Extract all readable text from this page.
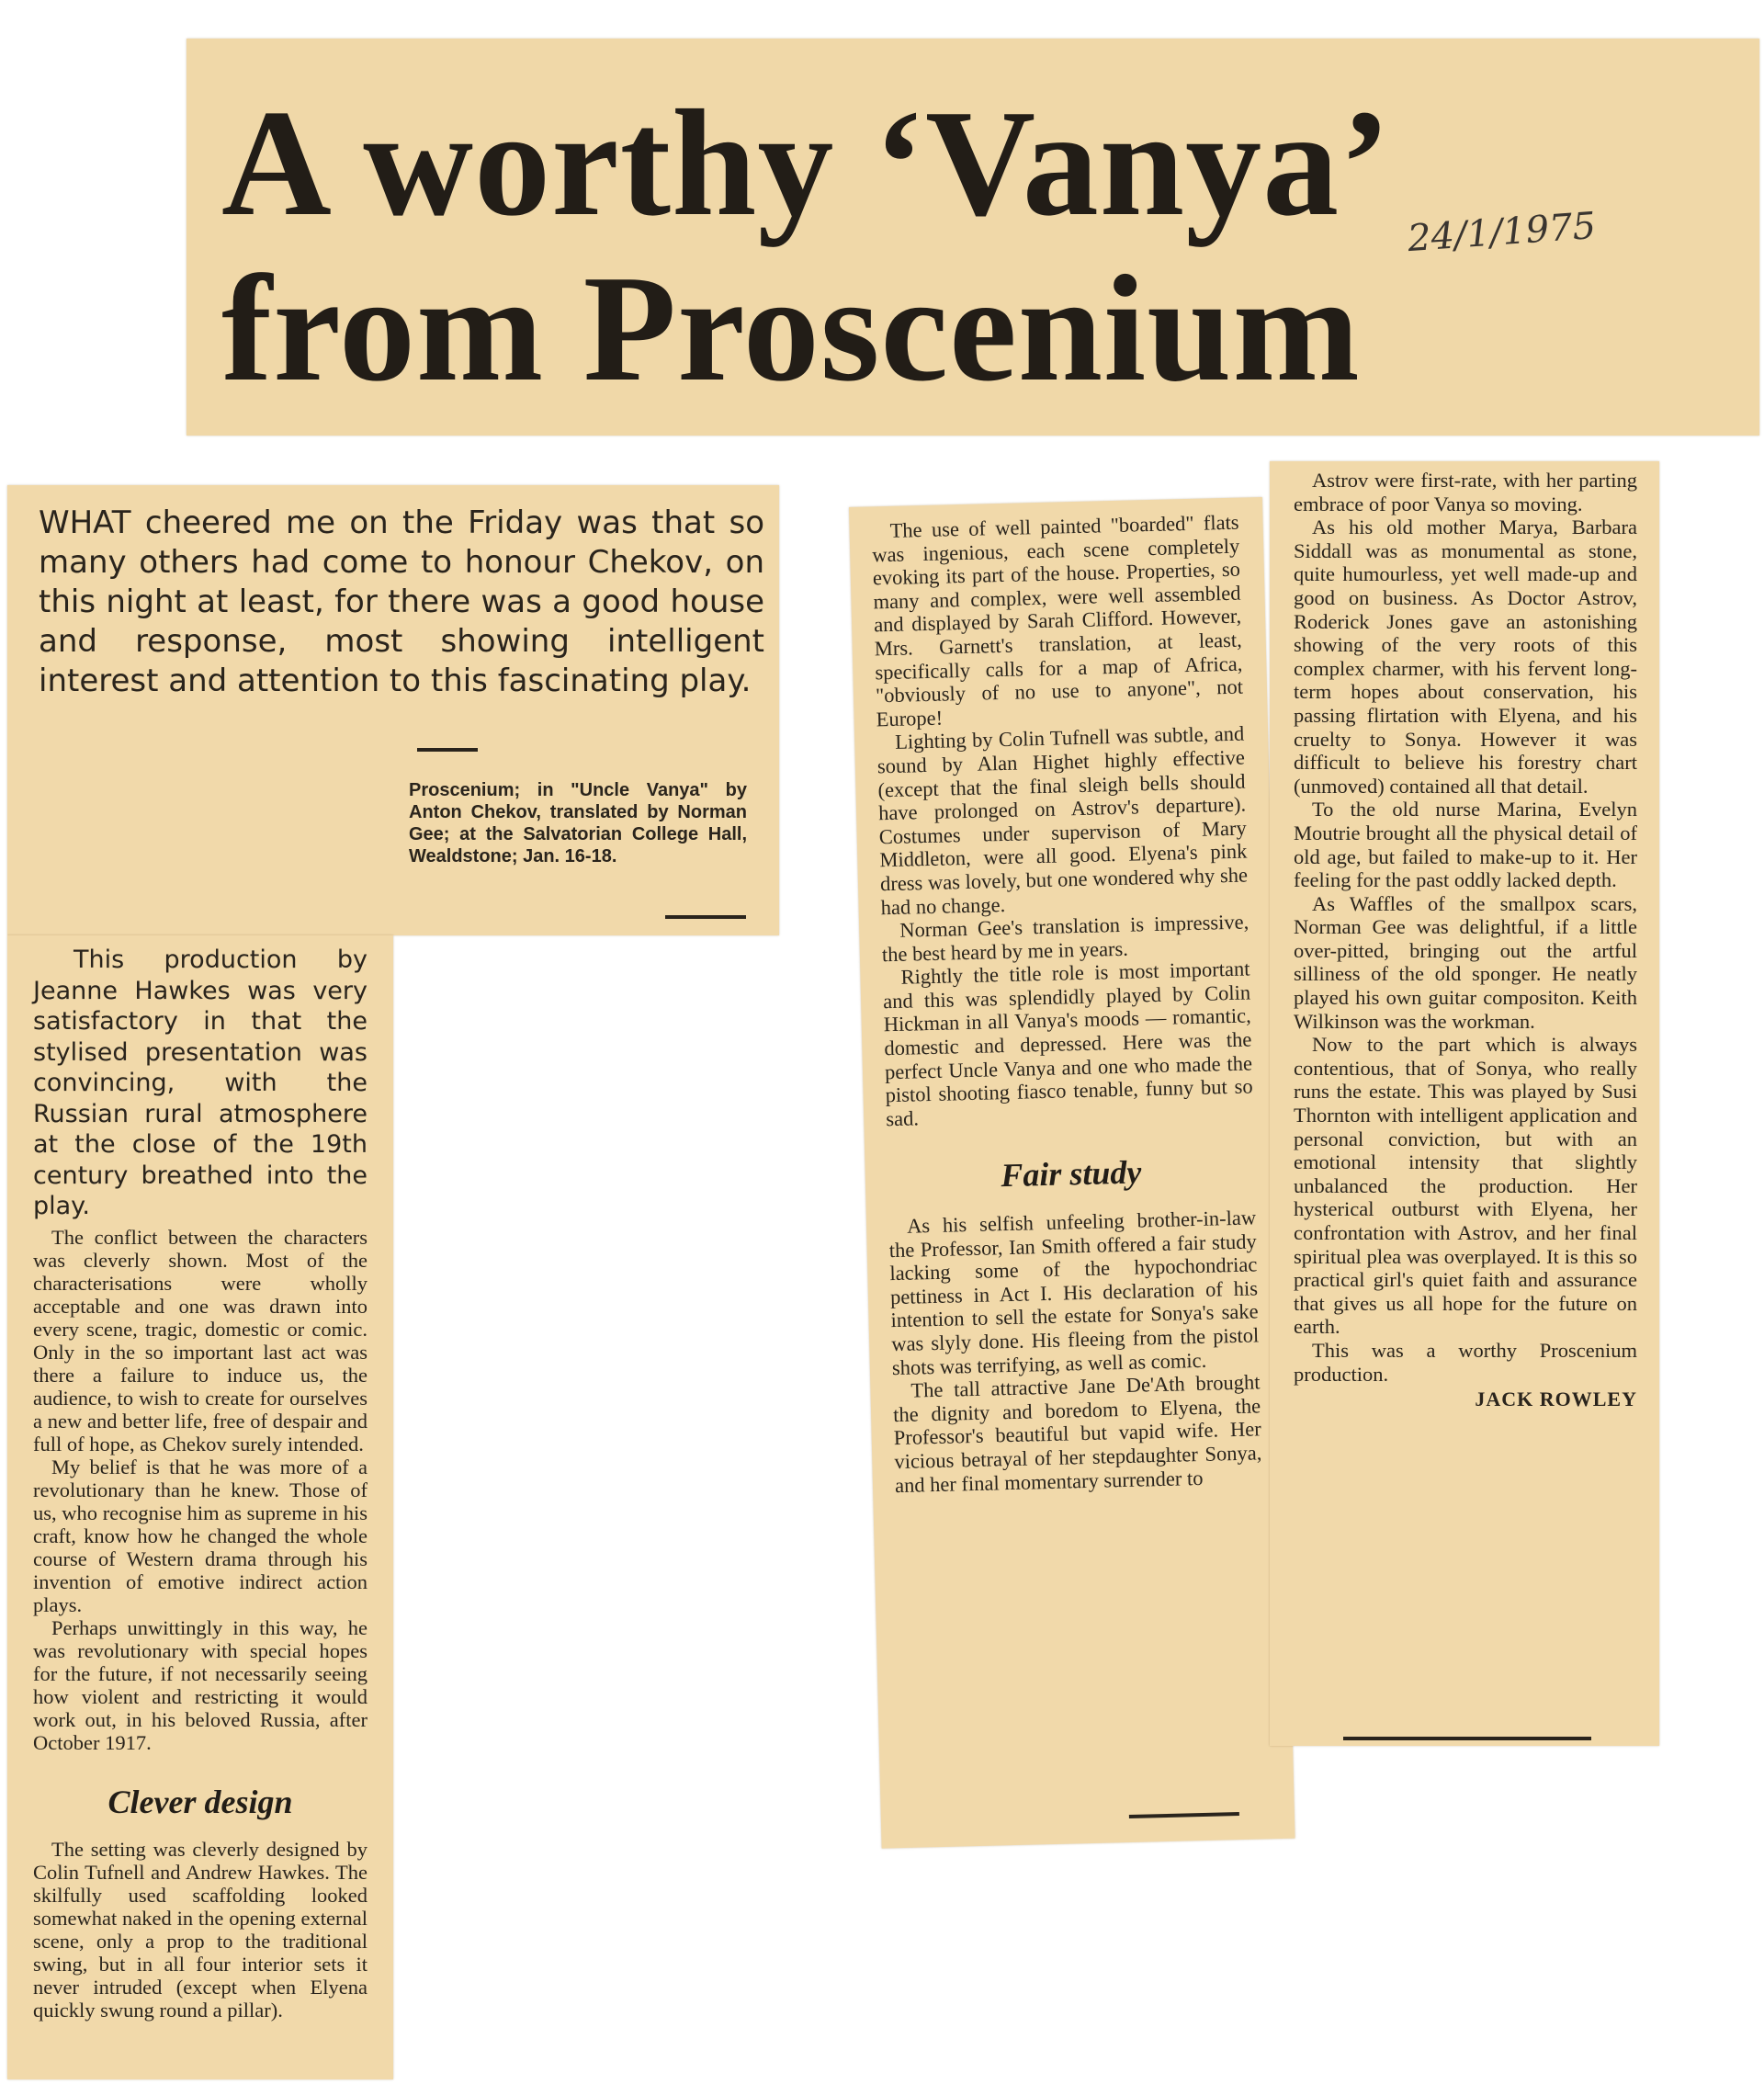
A worthy ‘Vanya’
from Proscenium
24/1/1975

WHAT cheered me on the Friday was that so many others had come to honour Chekov, on this night at least, for there was a good house and response, most showing intelligent interest and attention to this fascinating play.

Proscenium; in "Uncle Vanya" by Anton Chekov, translated by Norman Gee; at the Salvatorian College Hall, Wealdstone; Jan. 16-18.

This production by Jeanne Hawkes was very satisfactory in that the stylised presentation was convincing, with the Russian rural atmosphere at the close of the 19th century breathed into the play.

The conflict between the characters was cleverly shown. Most of the characterisations were wholly acceptable and one was drawn into every scene, tragic, domestic or comic. Only in the so important last act was there a failure to induce us, the audience, to wish to create for ourselves a new and better life, free of despair and full of hope, as Chekov surely intended.

My belief is that he was more of a revolutionary than he knew. Those of us, who recognise him as supreme in his craft, know how he changed the whole course of Western drama through his invention of emotive indirect action plays.

Perhaps unwittingly in this way, he was revolutionary with special hopes for the future, if not necessarily seeing how violent and restricting it would work out, in his beloved Russia, after October 1917.

Clever design

The setting was cleverly designed by Colin Tufnell and Andrew Hawkes. The skilfully used scaffolding looked somewhat naked in the opening external scene, only a prop to the traditional swing, but in all four interior sets it never intruded (except when Elyena quickly swung round a pillar).

The use of well painted "boarded" flats was ingenious, each scene completely evoking its part of the house. Properties, so many and complex, were well assembled and displayed by Sarah Clifford. However, Mrs. Garnett's translation, at least, specifically calls for a map of Africa, "obviously of no use to anyone", not Europe!

Lighting by Colin Tufnell was subtle, and sound by Alan Highet highly effective (except that the final sleigh bells should have prolonged on Astrov's departure). Costumes under supervison of Mary Middleton, were all good. Elyena's pink dress was lovely, but one wondered why she had no change.

Norman Gee's translation is impressive, the best heard by me in years.

Rightly the title role is most important and this was splendidly played by Colin Hickman in all Vanya's moods — romantic, domestic and depressed. Here was the perfect Uncle Vanya and one who made the pistol shooting fiasco tenable, funny but so sad.

Fair study

As his selfish unfeeling brother-in-law the Professor, Ian Smith offered a fair study lacking some of the hypochondriac pettiness in Act I. His declaration of his intention to sell the estate for Sonya's sake was slyly done. His fleeing from the pistol shots was terrifying, as well as comic.

The tall attractive Jane De'Ath brought the dignity and boredom to Elyena, the Professor's beautiful but vapid wife. Her vicious betrayal of her stepdaughter Sonya, and her final momentary surrender to

Astrov were first-rate, with her parting embrace of poor Vanya so moving.

As his old mother Marya, Barbara Siddall was as monumental as stone, quite humourless, yet well made-up and good on business. As Doctor Astrov, Roderick Jones gave an astonishing showing of the very roots of this complex charmer, with his fervent long-term hopes about conservation, his passing flirtation with Elyena, and his cruelty to Sonya. However it was difficult to believe his forestry chart (unmoved) contained all that detail.

To the old nurse Marina, Evelyn Moutrie brought all the physical detail of old age, but failed to make-up to it. Her feeling for the past oddly lacked depth.

As Waffles of the smallpox scars, Norman Gee was delightful, if a little over-pitted, bringing out the artful silliness of the old sponger. He neatly played his own guitar compositon. Keith Wilkinson was the workman.

Now to the part which is always contentious, that of Sonya, who really runs the estate. This was played by Susi Thornton with intelligent application and personal conviction, but with an emotional intensity that slightly unbalanced the production. Her hysterical outburst with Elyena, her confrontation with Astrov, and her final spiritual plea was overplayed. It is this so practical girl's quiet faith and assurance that gives us all hope for the future on earth.

This was a worthy Proscenium production.

JACK ROWLEY
